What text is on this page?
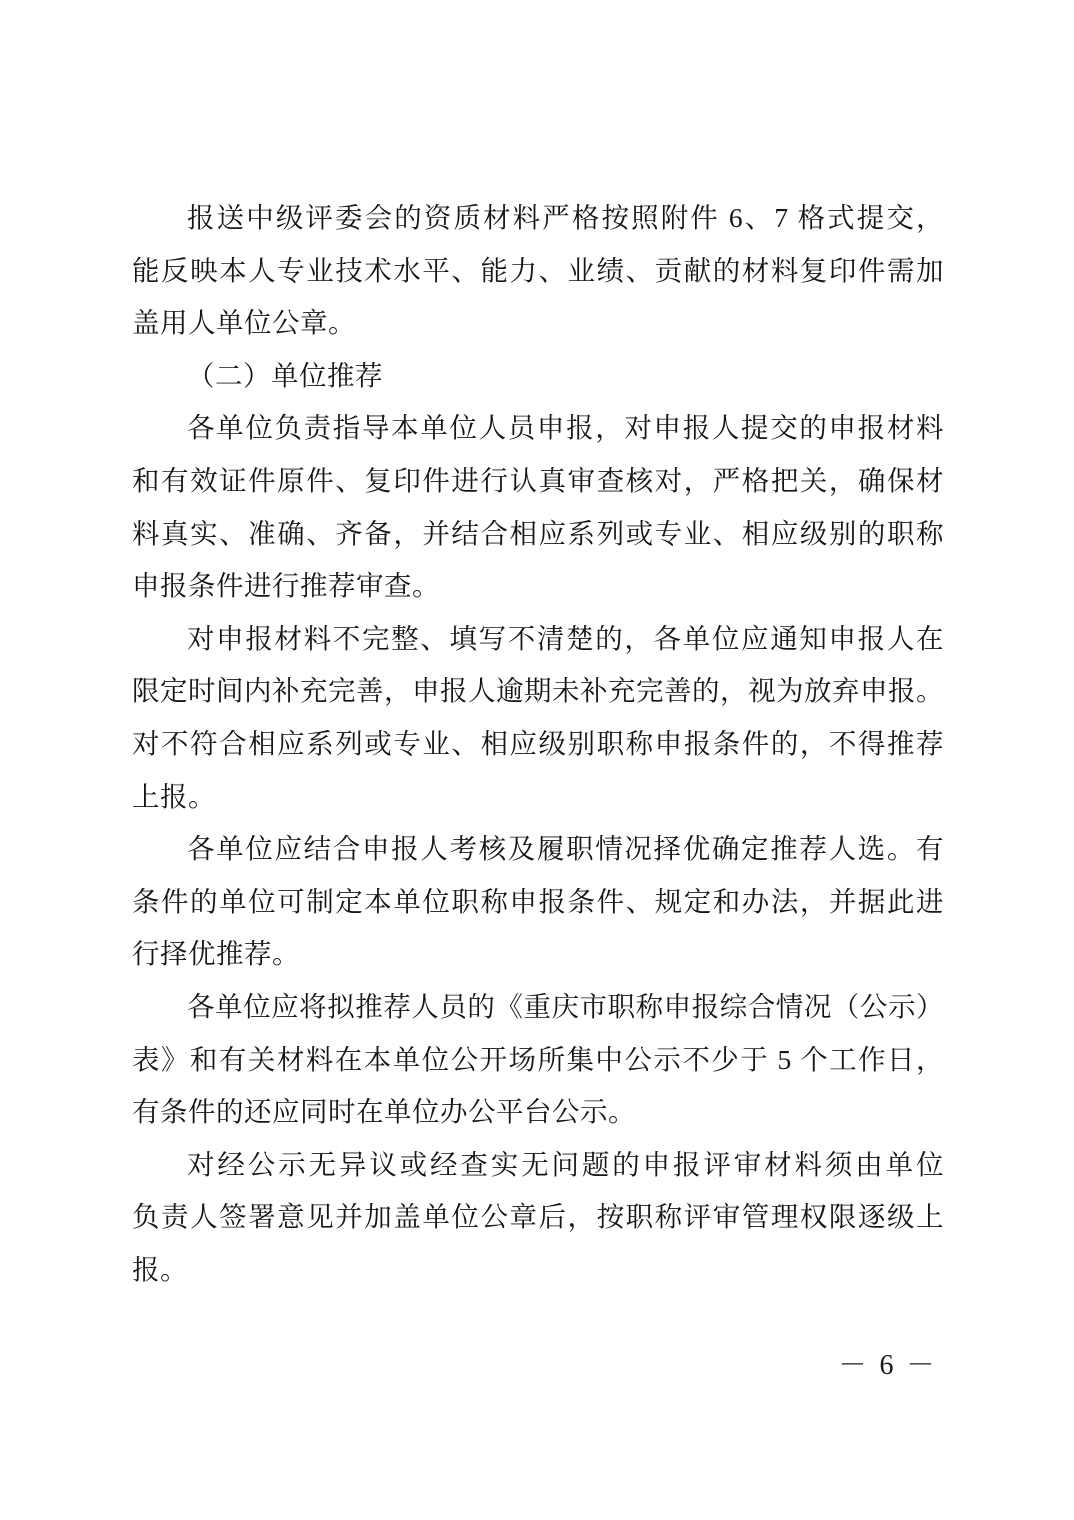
报送中级评委会的资质材料严格按照附件 6、7 格式提交，
能反映本人专业技术水平、能力、业绩、贡献的材料复印件需加
盖用人单位公章。
（二）单位推荐
各单位负责指导本单位人员申报，对申报人提交的申报材料
和有效证件原件、复印件进行认真审查核对，严格把关，确保材
料真实、准确、齐备，并结合相应系列或专业、相应级别的职称
申报条件进行推荐审查。
对申报材料不完整、填写不清楚的，各单位应通知申报人在
限定时间内补充完善，申报人逾期未补充完善的，视为放弃申报。
对不符合相应系列或专业、相应级别职称申报条件的，不得推荐
上报。
各单位应结合申报人考核及履职情况择优确定推荐人选。有
条件的单位可制定本单位职称申报条件、规定和办法，并据此进
行择优推荐。
各单位应将拟推荐人员的《重庆市职称申报综合情况（公示）
表》和有关材料在本单位公开场所集中公示不少于 5 个工作日，
有条件的还应同时在单位办公平台公示。
对经公示无异议或经查实无问题的申报评审材料须由单位
负责人签署意见并加盖单位公章后，按职称评审管理权限逐级上
报。
－ 6 －
